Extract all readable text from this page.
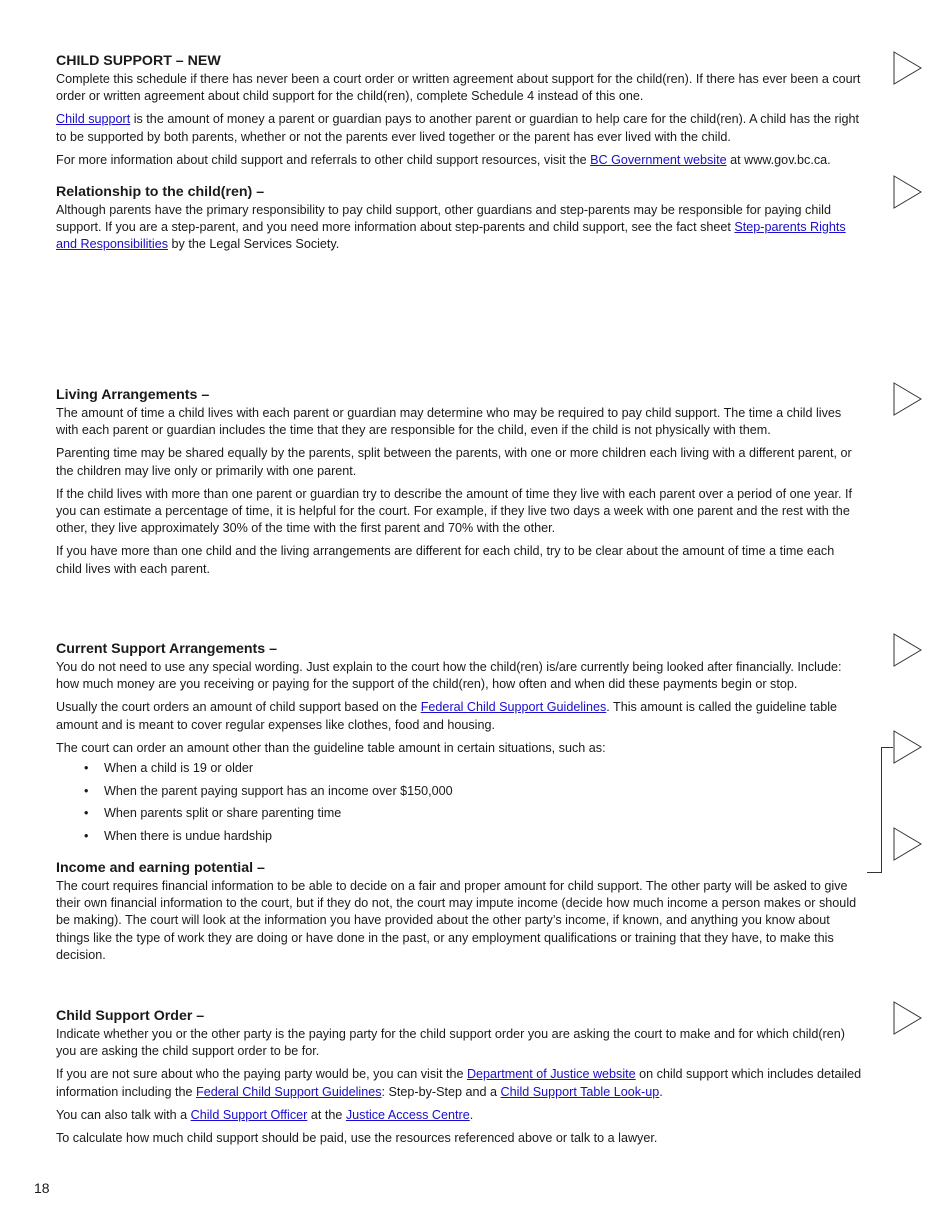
CHILD SUPPORT – NEW

Complete this schedule if there has never been a court order or written agreement about support for the child(ren). If there has ever been a court order or written agreement about child support for the child(ren), complete Schedule 4 instead of this one.

Child support is the amount of money a parent or guardian pays to another parent or guardian to help care for the child(ren). A child has the right to be supported by both parents, whether or not the parents ever lived together or the parent has ever lived with the child.

For more information about child support and referrals to other child support resources, visit the BC Government website at www.gov.bc.ca.

Relationship to the child(ren) –

Although parents have the primary responsibility to pay child support, other guardians and step-parents may be responsible for paying child support. If you are a step-parent, and you need more information about step-parents and child support, see the fact sheet Step-parents Rights and Responsibilities by the Legal Services Society.

Living Arrangements –

The amount of time a child lives with each parent or guardian may determine who may be required to pay child support. The time a child lives with each parent or guardian includes the time that they are responsible for the child, even if the child is not physically with them.

Parenting time may be shared equally by the parents, split between the parents, with one or more children each living with a different parent, or the children may live only or primarily with one parent.

If the child lives with more than one parent or guardian try to describe the amount of time they live with each parent over a period of one year. If you can estimate a percentage of time, it is helpful for the court. For example, if they live two days a week with one parent and the rest with the other, they live approximately 30% of the time with the first parent and 70% with the other.

If you have more than one child and the living arrangements are different for each child, try to be clear about the amount of time a time each child lives with each parent.

Current Support Arrangements –

You do not need to use any special wording. Just explain to the court how the child(ren) is/are currently being looked after financially. Include: how much money are you receiving or paying for the support of the child(ren), how often and when did these payments begin or stop.

Usually the court orders an amount of child support based on the Federal Child Support Guidelines. This amount is called the guideline table amount and is meant to cover regular expenses like clothes, food and housing.

The court can order an amount other than the guideline table amount in certain situations, such as:

• When a child is 19 or older
• When the parent paying support has an income over $150,000
• When parents split or share parenting time
• When there is undue hardship
Income and earning potential –

The court requires financial information to be able to decide on a fair and proper amount for child support. The other party will be asked to give their own financial information to the court, but if they do not, the court may impute income (decide how much income a person makes or should be making). The court will look at the information you have provided about the other party’s income, if known, and anything you know about things like the type of work they are doing or have done in the past, or any employment qualifications or training that they have, to make this decision.

Child Support Order –

Indicate whether you or the other party is the paying party for the child support order you are asking the court to make and for which child(ren) you are asking the child support order to be for.

If you are not sure about who the paying party would be, you can visit the Department of Justice website on child support which includes detailed information including the Federal Child Support Guidelines: Step-by-Step and a Child Support Table Look-up.

You can also talk with a Child Support Officer at the Justice Access Centre.

To calculate how much child support should be paid, use the resources referenced above or talk to a lawyer.

18
